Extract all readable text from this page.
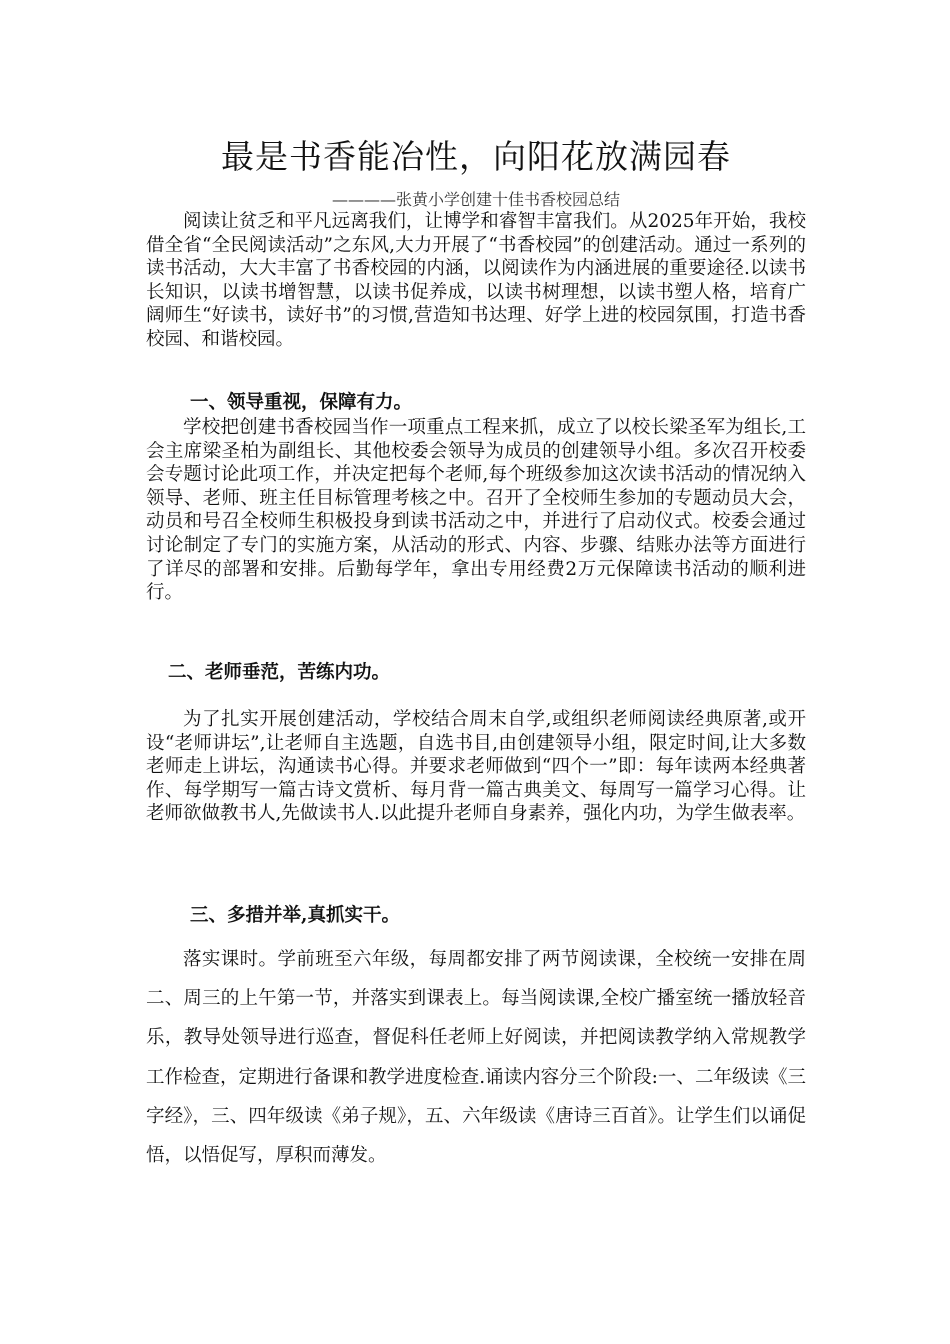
最是书香能冶性，向阳花放满园春
————张黄小学创建十佳书香校园总结

阅读让贫乏和平凡远离我们，让博学和睿智丰富我们。从2025年开始，我校借全省“全民阅读活动”之东风,大力开展了“书香校园”的创建活动。通过一系列的读书活动，大大丰富了书香校园的内涵，以阅读作为内涵进展的重要途径.以读书长知识，以读书增智慧，以读书促养成，以读书树理想，以读书塑人格，培育广阔师生“好读书，读好书”的习惯,营造知书达理、好学上进的校园氛围，打造书香校园、和谐校园。

一、领导重视，保障有力。

学校把创建书香校园当作一项重点工程来抓，成立了以校长梁圣军为组长,工会主席梁圣柏为副组长、其他校委会领导为成员的创建领导小组。多次召开校委会专题讨论此项工作，并决定把每个老师,每个班级参加这次读书活动的情况纳入领导、老师、班主任目标管理考核之中。召开了全校师生参加的专题动员大会，动员和号召全校师生积极投身到读书活动之中，并进行了启动仪式。校委会通过讨论制定了专门的实施方案，从活动的形式、内容、步骤、结账办法等方面进行了详尽的部署和安排。后勤每学年，拿出专用经费2万元保障读书活动的顺利进行。

二、老师垂范，苦练内功。

为了扎实开展创建活动，学校结合周末自学,或组织老师阅读经典原著,或开设“老师讲坛”,让老师自主选题，自选书目,由创建领导小组，限定时间,让大多数老师走上讲坛，沟通读书心得。并要求老师做到“四个一”即：每年读两本经典著作、每学期写一篇古诗文赏析、每月背一篇古典美文、每周写一篇学习心得。让老师欲做教书人,先做读书人.以此提升老师自身素养，强化内功，为学生做表率。

三、多措并举,真抓实干。

落实课时。学前班至六年级，每周都安排了两节阅读课，全校统一安排在周二、周三的上午第一节，并落实到课表上。每当阅读课,全校广播室统一播放轻音乐，教导处领导进行巡查，督促科任老师上好阅读，并把阅读教学纳入常规教学工作检查，定期进行备课和教学进度检查.诵读内容分三个阶段:一、二年级读《三字经》，三、四年级读《弟子规》，五、六年级读《唐诗三百首》。让学生们以诵促悟，以悟促写，厚积而薄发。
